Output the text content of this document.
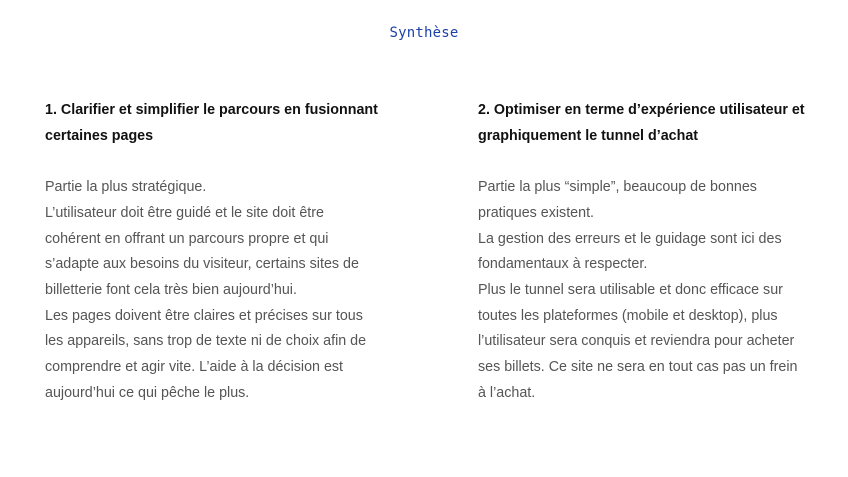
Synthèse
1. Clarifier et simplifier le parcours en fusionnant
certaines pages
Partie la plus stratégique.
L’utilisateur doit être guidé et le site doit être
cohérent en offrant un parcours propre et qui
s’adapte aux besoins du visiteur, certains sites de
billetterie font cela très bien aujourd’hui.
Les pages doivent être claires et précises sur tous
les appareils, sans trop de texte ni de choix afin de
comprendre et agir vite. L’aide à la décision est
aujourd’hui ce qui pêche le plus.
2. Optimiser en terme d’expérience utilisateur et
graphiquement le tunnel d’achat
Partie la plus “simple”, beaucoup de bonnes
pratiques existent.
La gestion des erreurs et le guidage sont ici des
fondamentaux à respecter.
Plus le tunnel sera utilisable et donc efficace sur
toutes les plateformes (mobile et desktop), plus
l’utilisateur sera conquis et reviendra pour acheter
ses billets. Ce site ne sera en tout cas pas un frein
à l’achat.
